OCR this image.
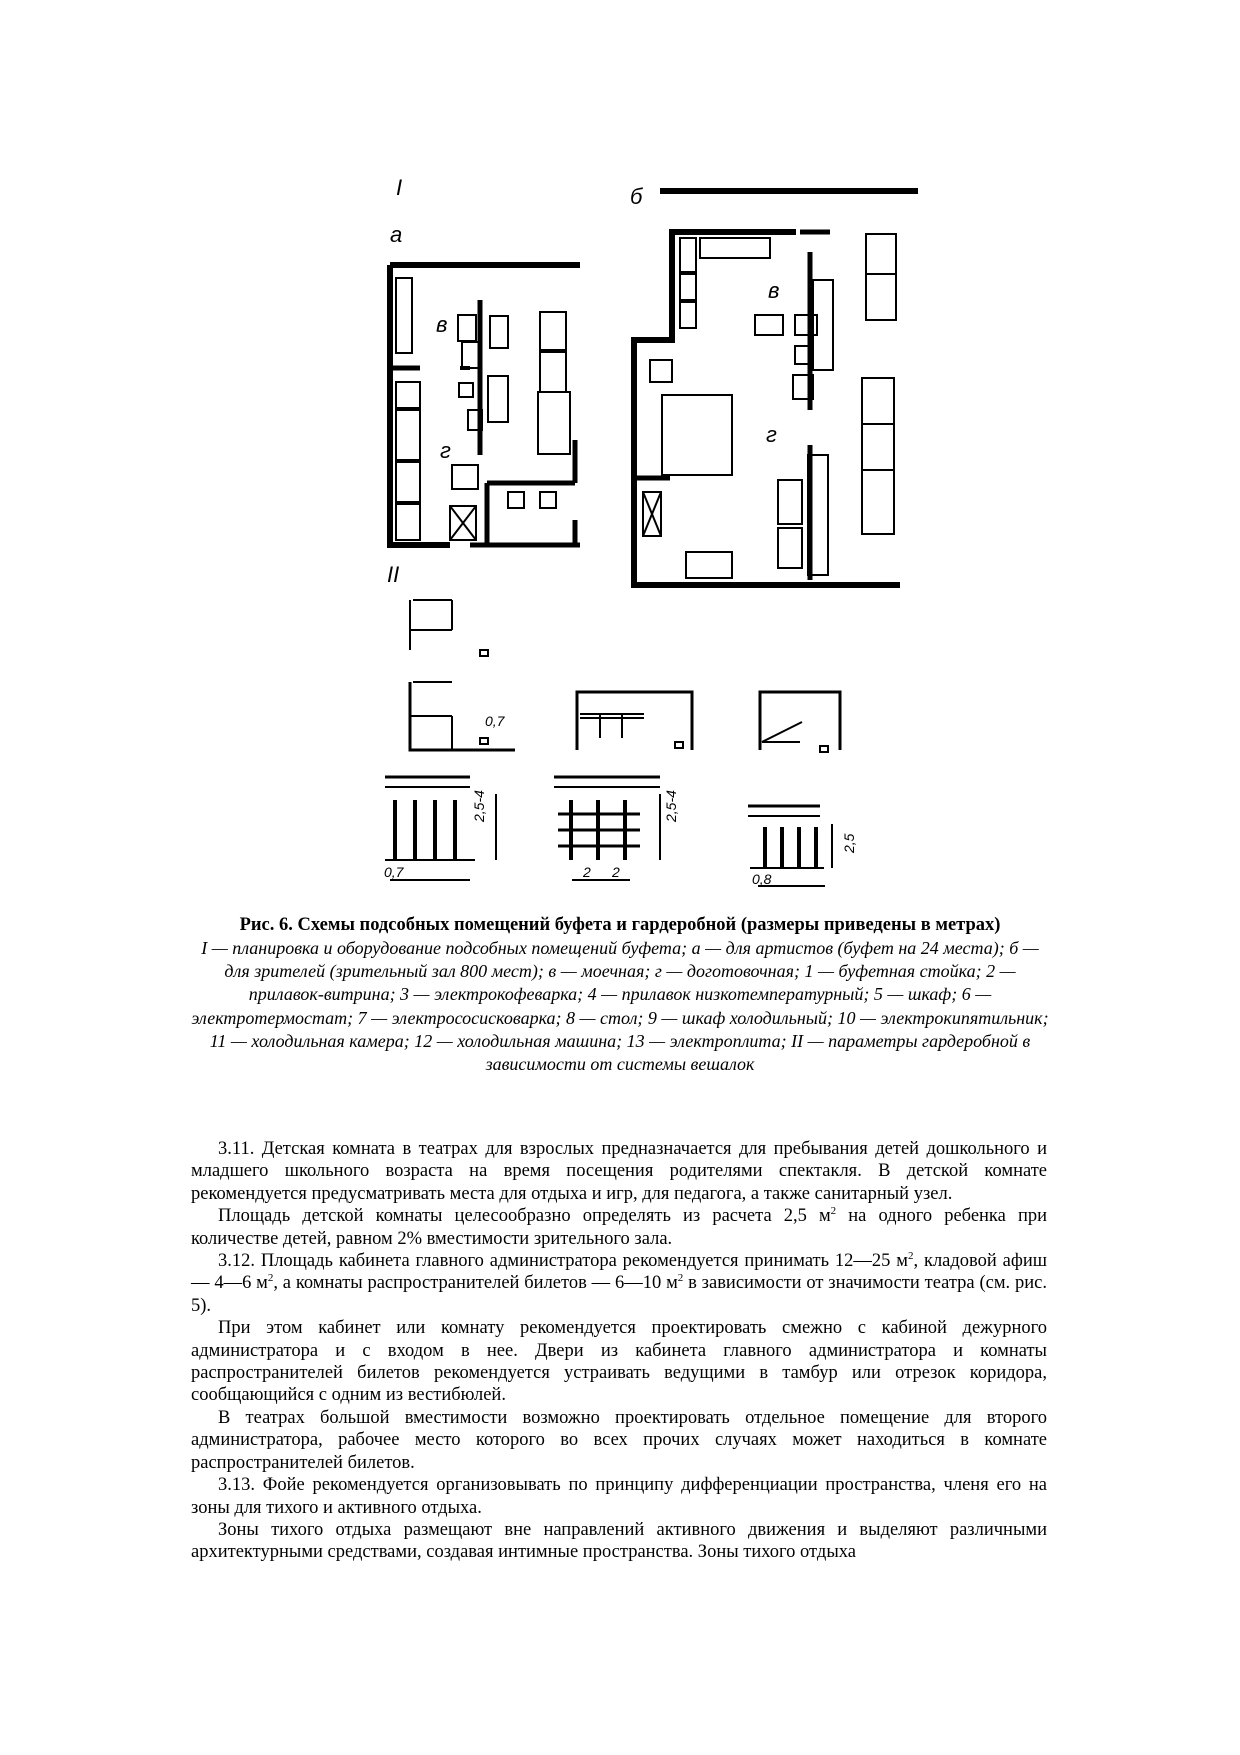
I
II
а
б
в
г
в
г
0,7
2,5-4	2,5-4
2,5
0,7	2 2	0,8
Рис. 6. Схемы подсобных помещений буфета и гардеробной (размеры приведены в метрах)
I — планировка и оборудование подсобных помещений буфета; а — для артистов (буфет на 24 места); б — для зрителей (зрительный зал 800 мест); в — моечная; г — доготовочная; 1 — буфетная стойка; 2 — прилавок-витрина; 3 — электрокофеварка; 4 — прилавок низкотемпературный; 5 — шкаф; 6 — электротермостат; 7 — электрососисковарка; 8 — стол; 9 — шкаф холодильный; 10 — электрокипятильник; 11 — холодильная камера; 12 — холодильная машина; 13 — электроплита; II — параметры гардеробной в зависимости от системы вешалок

3.11. Детская комната в театрах для взрослых предназначается для пребывания детей дошкольного и младшего школьного возраста на время посещения родителями спектакля. В детской комнате рекомендуется предусматривать места для отдыха и игр, для педагога, а также санитарный узел.

Площадь детской комнаты целесообразно определять из расчета 2,5 $м^2$ на одного ребенка при количестве детей, равном 2% вместимости зрительного зала.

3.12. Площадь кабинета главного администратора рекомендуется принимать 12—25 $м^2$, кладовой афиш — 4—6 $м^2$, а комнаты распространителей билетов — 6—10 $м^2$ в зависимости от значимости театра (см. рис. 5).

При этом кабинет или комнату рекомендуется проектировать смежно с кабиной дежурного администратора и с входом в нее. Двери из кабинета главного администратора и комнаты распространителей билетов рекомендуется устраивать ведущими в тамбур или отрезок коридора, сообщающийся с одним из вестибюлей.

В театрах большой вместимости возможно проектировать отдельное помещение для второго администратора, рабочее место которого во всех прочих случаях может находиться в комнате распространителей билетов.

3.13. Фойе рекомендуется организовывать по принципу дифференциации пространства, членя его на зоны для тихого и активного отдыха.

Зоны тихого отдыха размещают вне направлений активного движения и выделяют различными архитектурными средствами, создавая интимные пространства. Зоны тихого отдыха
